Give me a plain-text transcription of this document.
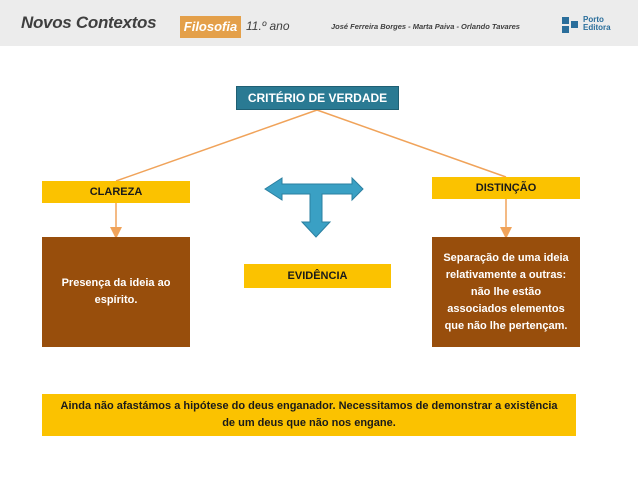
Novos Contextos Filosofia 11.º ano	José Ferreira Borges - Marta Paiva - Orlando Tavares
Porto
Editora
CRITÉRIO DE VERDADE
CLAREZA	DISTINÇÃO
EVIDÊNCIA
Presença da ideia ao espírito.
Separação de uma ideia relativamente a outras: não lhe estão associados elementos que não lhe pertençam.
Ainda não afastámos a hipótese do deus enganador. Necessitamos de demonstrar a existência de um deus que não nos engane.
